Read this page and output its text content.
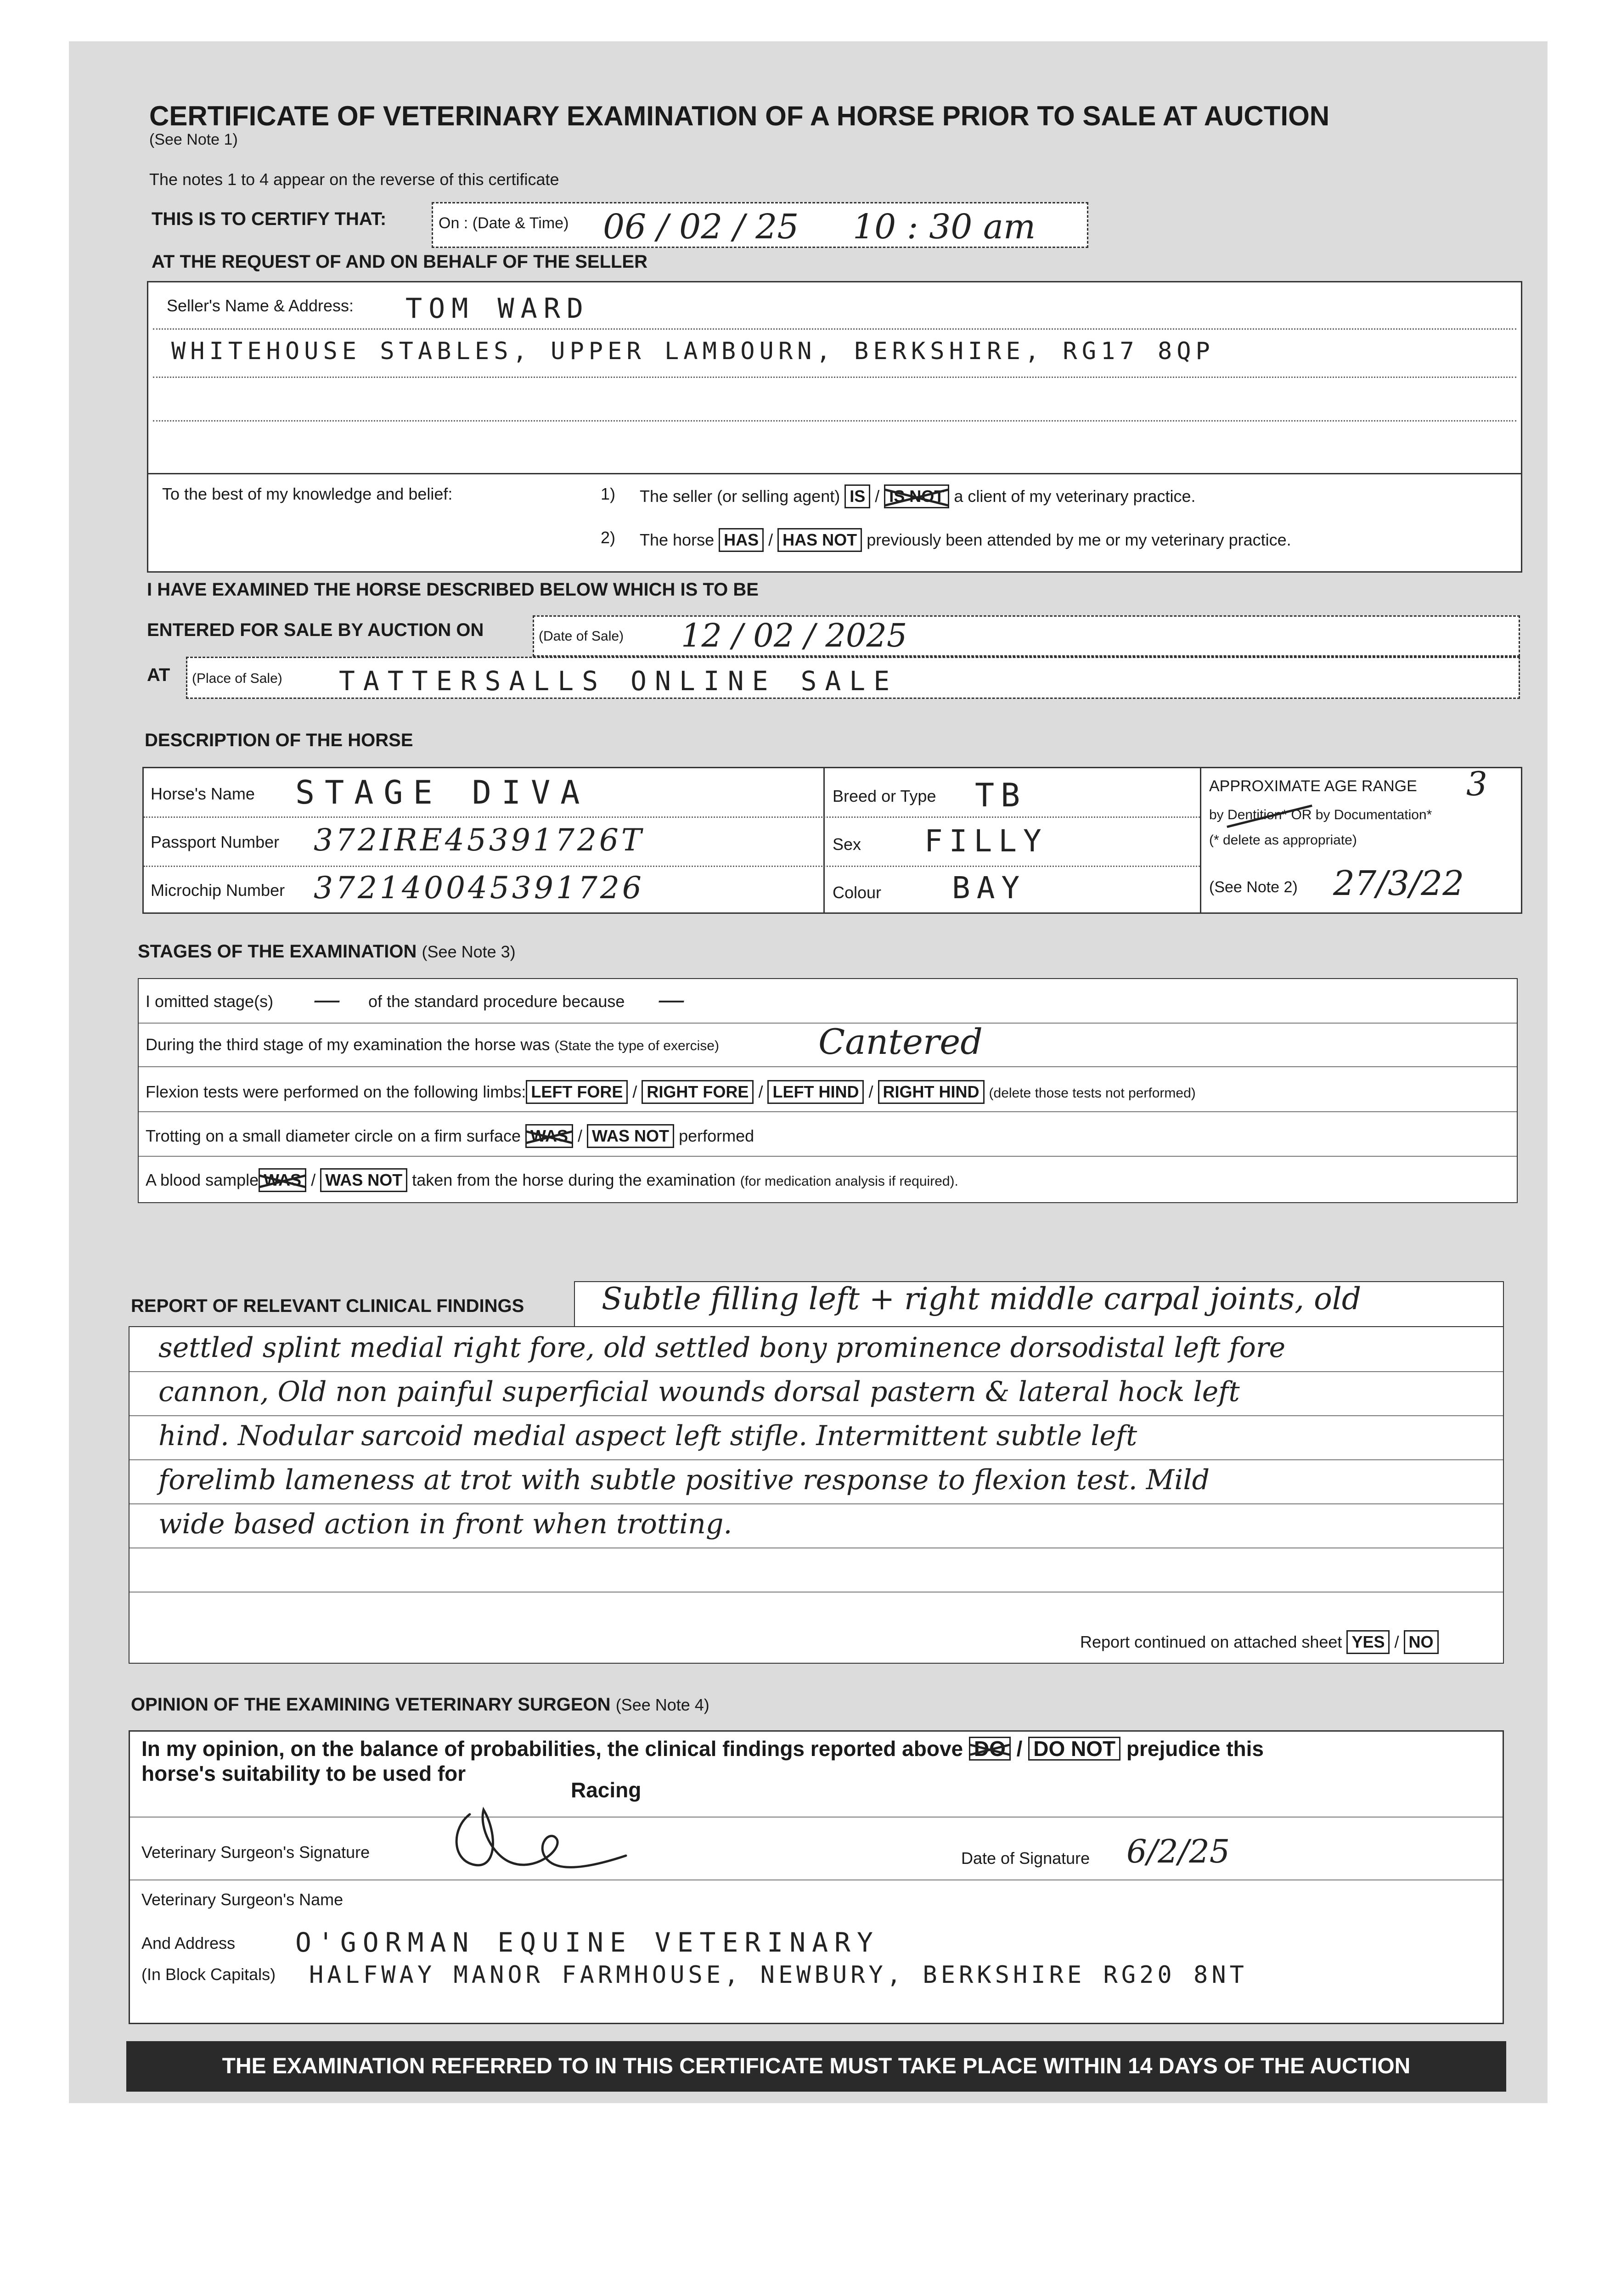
CERTIFICATE OF VETERINARY EXAMINATION OF A HORSE PRIOR TO SALE AT AUCTION
(See Note 1)
The notes 1 to 4 appear on the reverse of this certificate
THIS IS TO CERTIFY THAT:	On : (Date & Time) 06 / 02 / 25     10 : 30 am
AT THE REQUEST OF AND ON BEHALF OF THE SELLER
Seller's Name & Address: TOM WARD
WHITEHOUSE STABLES, UPPER LAMBOURN, BERKSHIRE, RG17 8QP
To the best of my knowledge and belief:	1) The seller (or selling agent) IS / IS NOT a client of my veterinary practice.
2) The horse HAS / HAS NOT previously been attended by me or my veterinary practice.
I HAVE EXAMINED THE HORSE DESCRIBED BELOW WHICH IS TO BE
ENTERED FOR SALE BY AUCTION ON	(Date of Sale) 12 / 02 / 2025
AT (Place of Sale) TATTERSALLS ONLINE SALE
DESCRIPTION OF THE HORSE
Horse's Name STAGE DIVA
Passport Number 372IRE45391726T
Microchip Number 372140045391726
Breed or Type TB
Sex FILLY
Colour BAY
APPROXIMATE AGE RANGE 3
by Dentition* OR by Documentation*
(* delete as appropriate)
(See Note 2) 27/3/22
STAGES OF THE EXAMINATION (See Note 3)
I omitted stage(s) — of the standard procedure because —
During the third stage of my examination the horse was (State the type of exercise)	Cantered
Flexion tests were performed on the following limbs: LEFT FORE / RIGHT FORE / LEFT HIND / RIGHT HIND (delete those tests not performed)
Trotting on a small diameter circle on a firm surface WAS / WAS NOT performed
A blood sample WAS / WAS NOT taken from the horse during the examination (for medication analysis if required).
REPORT OF RELEVANT CLINICAL FINDINGS
Report continued on attached sheet YES / NO
Subtle filling left + right middle carpal joints, old
settled splint medial right fore, old settled bony prominence dorsodistal left fore
cannon, Old non painful superficial wounds dorsal pastern & lateral hock left
hind. Nodular sarcoid medial aspect left stifle. Intermittent subtle left
forelimb lameness at trot with subtle positive response to flexion test. Mild
wide based action in front when trotting.
OPINION OF THE EXAMINING VETERINARY SURGEON (See Note 4)
In my opinion, on the balance of probabilities, the clinical findings reported above DO / DO NOT prejudice this
horse's suitability to be used for
Racing
Veterinary Surgeon's Signature	Date of Signature 6/2/25
Veterinary Surgeon's Name
And Address O'GORMAN EQUINE VETERINARY
(In Block Capitals) HALFWAY MANOR FARMHOUSE, NEWBURY, BERKSHIRE RG20 8NT
THE EXAMINATION REFERRED TO IN THIS CERTIFICATE MUST TAKE PLACE WITHIN 14 DAYS OF THE AUCTION
